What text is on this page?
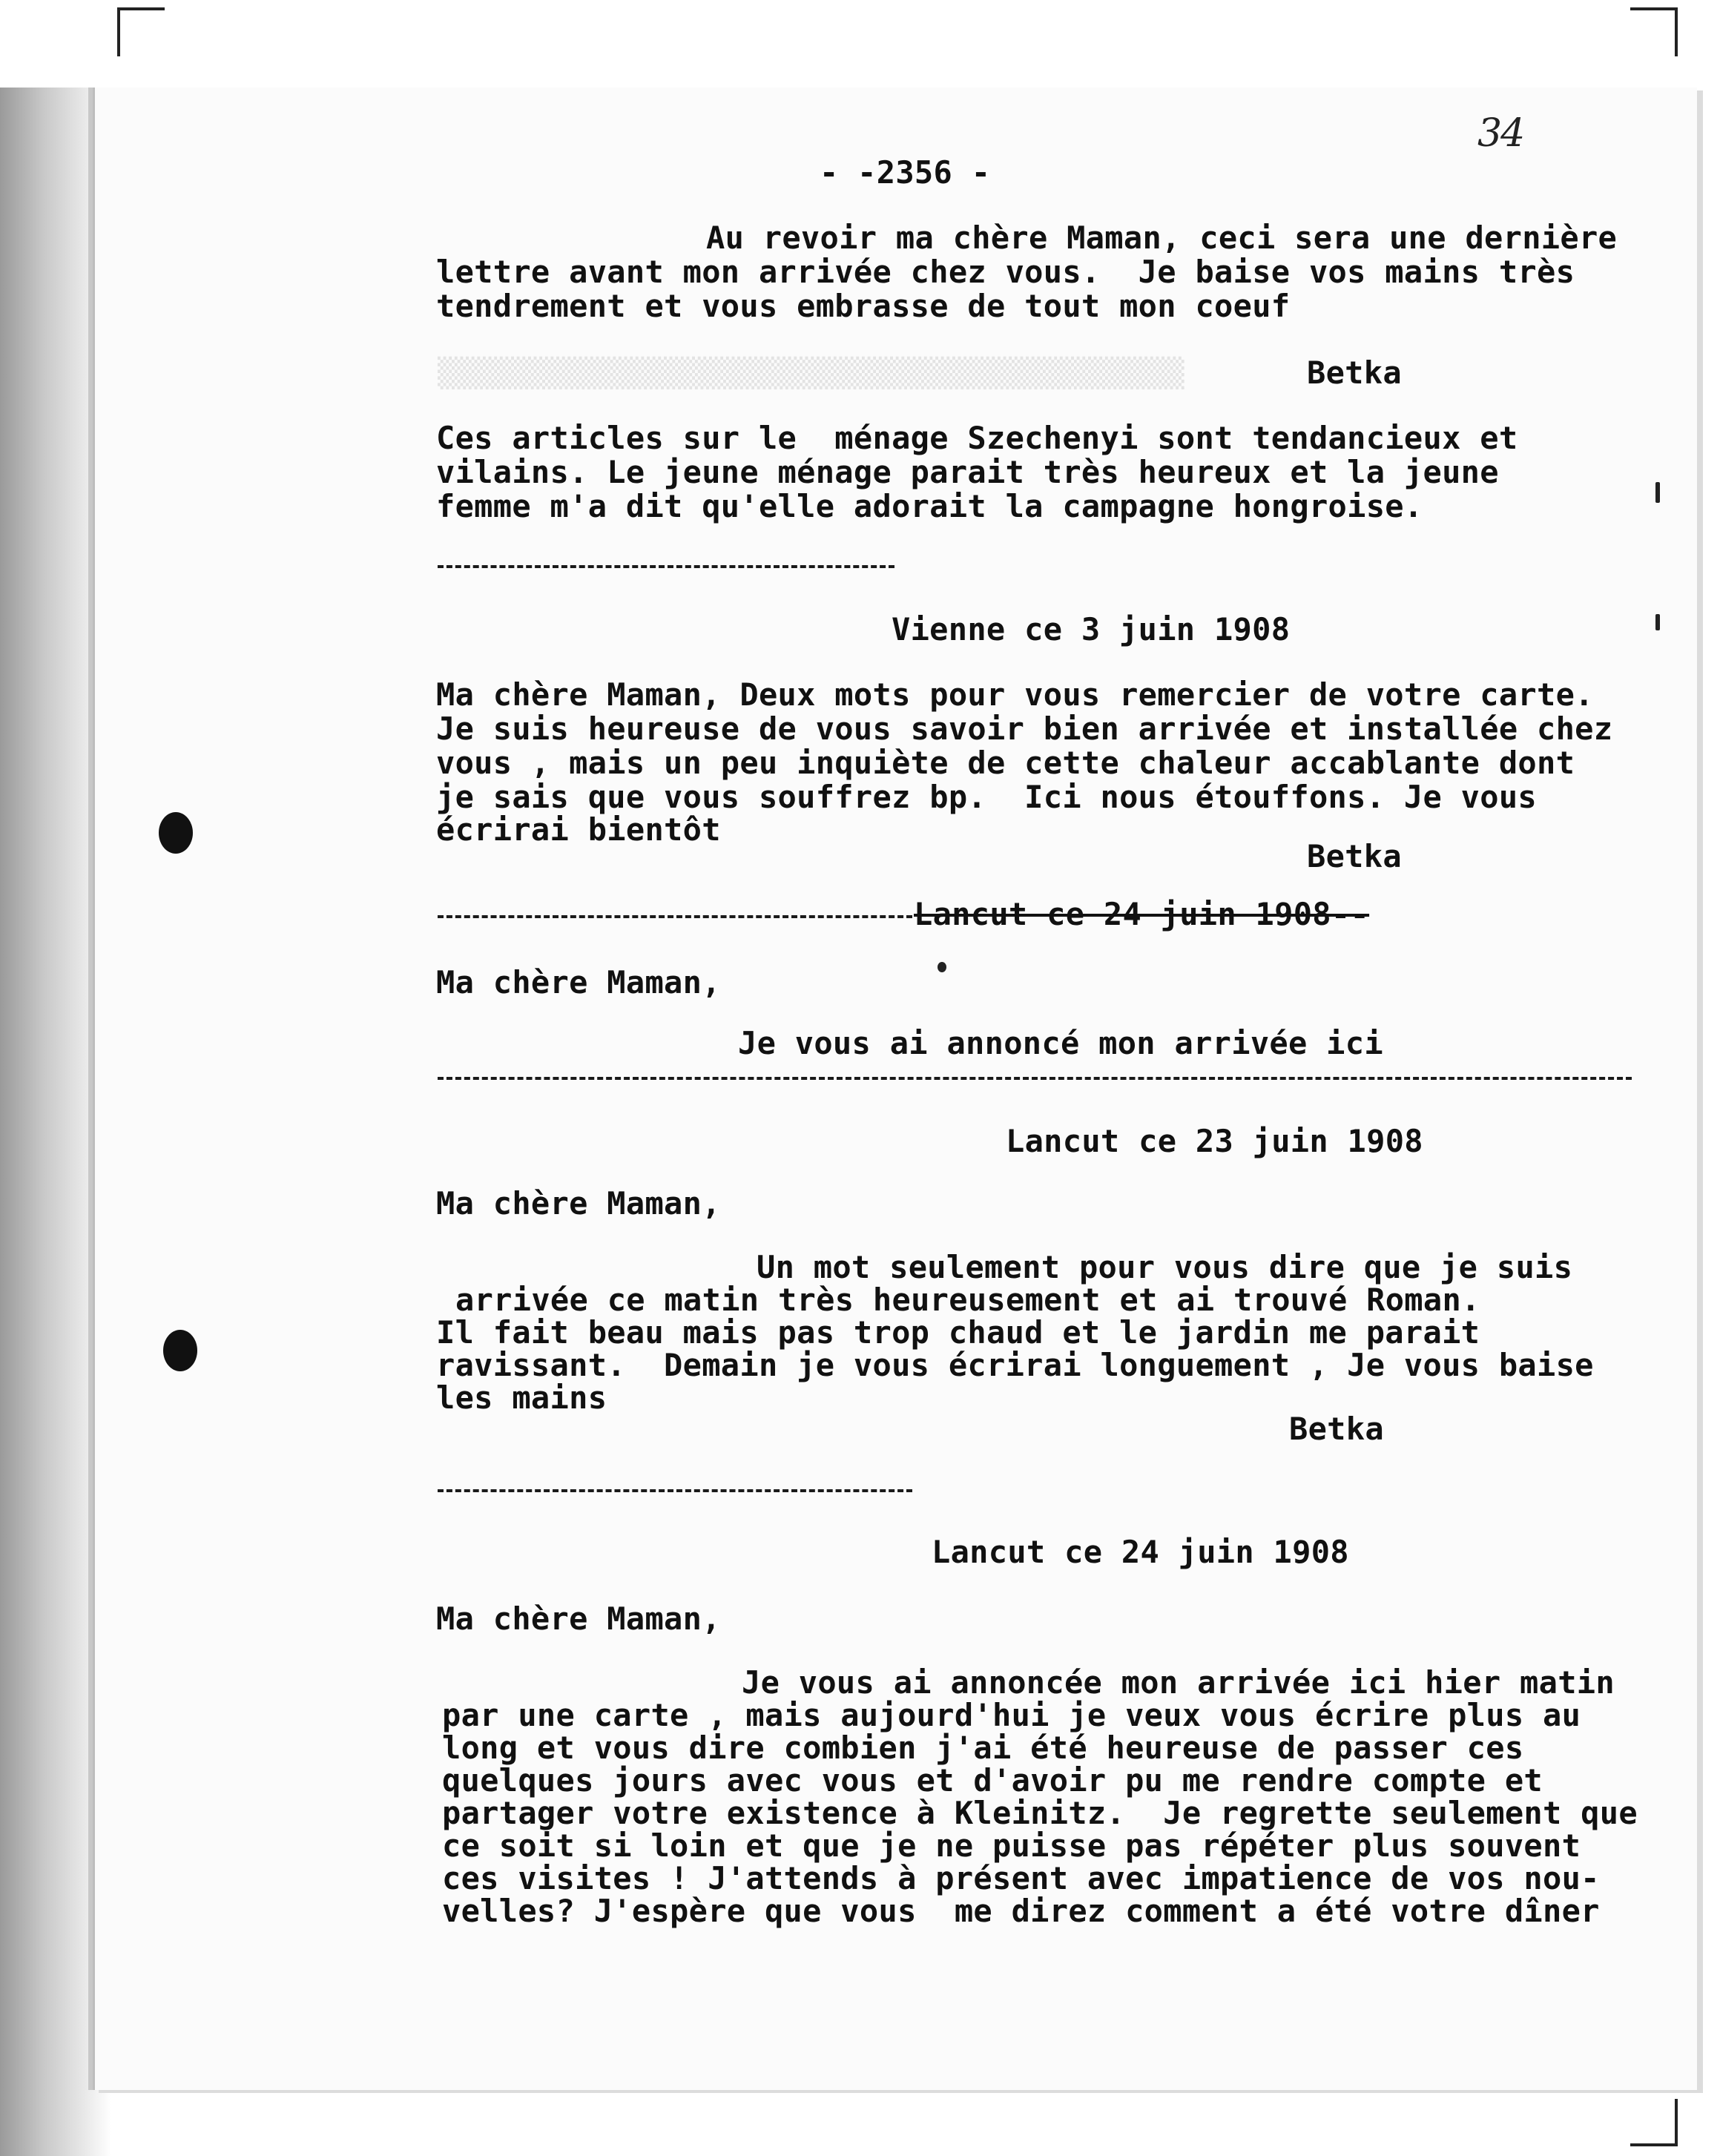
▒▒▒▒▒▒▒▒▒▒▒▒▒▒▒▒▒▒▒▒▒▒▒▒▒▒▒▒▒▒▒▒▒▒▒▒▒▒▒▒▒▒▒▒
34
- -2356 -
Au revoir ma chère Maman, ceci sera une dernière
lettre avant mon arrivée chez vous.  Je baise vos mains très
tendrement et vous embrasse de tout mon coeuf
Betka
Ces articles sur le  ménage Szechenyi sont tendancieux et
vilains. Le jeune ménage parait très heureux et la jeune
femme m'a dit qu'elle adorait la campagne hongroise.
Vienne ce 3 juin 1908
Ma chère Maman, Deux mots pour vous remercier de votre carte.
Je suis heureuse de vous savoir bien arrivée et installée chez
vous , mais un peu inquiète de cette chaleur accablante dont
je sais que vous souffrez bp.  Ici nous étouffons. Je vous
écrirai bientôt
Betka
Lancut ce 24 juin 1908--
Ma chère Maman,
Je vous ai annoncé mon arrivée ici
Lancut ce 23 juin 1908
Ma chère Maman,
Un mot seulement pour vous dire que je suis
arrivée ce matin très heureusement et ai trouvé Roman.
Il fait beau mais pas trop chaud et le jardin me parait
ravissant.  Demain je vous écrirai longuement , Je vous baise
les mains
Betka
Lancut ce 24 juin 1908
Ma chère Maman,
Je vous ai annoncée mon arrivée ici hier matin
par une carte , mais aujourd'hui je veux vous écrire plus au
long et vous dire combien j'ai été heureuse de passer ces
quelques jours avec vous et d'avoir pu me rendre compte et
partager votre existence à Kleinitz.  Je regrette seulement que
ce soit si loin et que je ne puisse pas répéter plus souvent
ces visites ! J'attends à présent avec impatience de vos nou-
velles? J'espère que vous  me direz comment a été votre dîner
